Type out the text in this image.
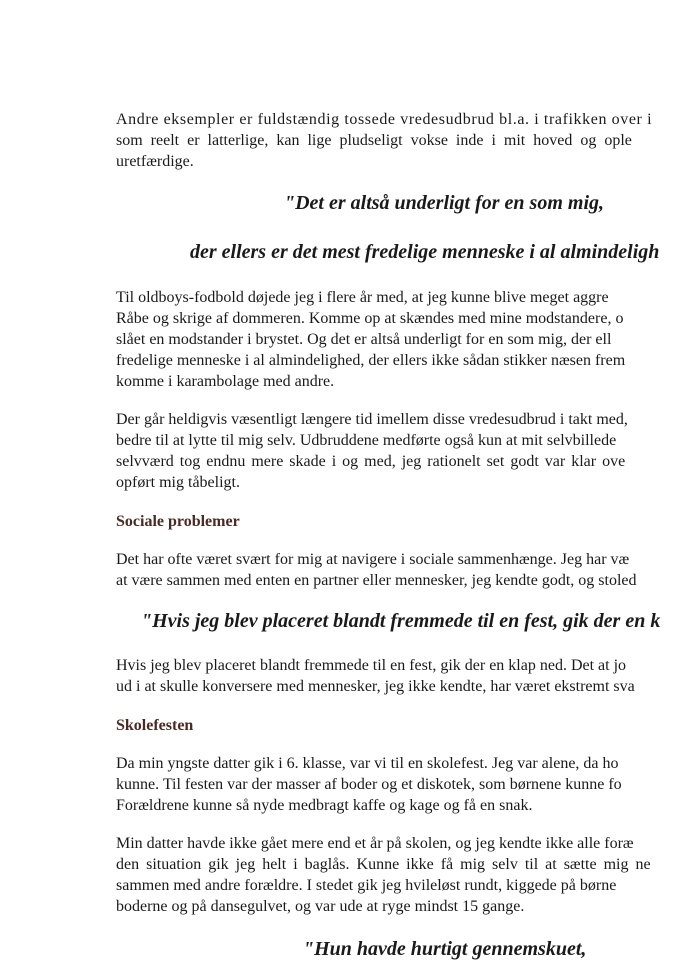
Andre eksempler er fuldstændig tossede vredesudbrud bl.a. i trafikken over i
som reelt er latterlige, kan lige pludseligt vokse inde i mit hoved og ople
uretfærdige.
"Det er altså underligt for en som mig,
der ellers er det mest fredelige menneske i al almindeligh
Til oldboys-fodbold døjede jeg i flere år med, at jeg kunne blive meget aggre
Råbe og skrige af dommeren. Komme op at skændes med mine modstandere, o
slået en modstander i brystet. Og det er altså underligt for en som mig, der ell
fredelige menneske i al almindelighed, der ellers ikke sådan stikker næsen frem
komme i karambolage med andre.
Der går heldigvis væsentligt længere tid imellem disse vredesudbrud i takt med,
bedre til at lytte til mig selv. Udbruddene medførte også kun at mit selvbillede
selvværd tog endnu mere skade i og med, jeg rationelt set godt var klar ove
opført mig tåbeligt.
Sociale problemer
Det har ofte været svært for mig at navigere i sociale sammenhænge. Jeg har væ
at være sammen med enten en partner eller mennesker, jeg kendte godt, og stoled
"Hvis jeg blev placeret blandt fremmede til en fest, gik der en k
Hvis jeg blev placeret blandt fremmede til en fest, gik der en klap ned. Det at jo
ud i at skulle konversere med mennesker, jeg ikke kendte, har været ekstremt sva
Skolefesten
Da min yngste datter gik i 6. klasse, var vi til en skolefest. Jeg var alene, da ho
kunne. Til festen var der masser af boder og et diskotek, som børnene kunne fo
Forældrene kunne så nyde medbragt kaffe og kage og få en snak.
Min datter havde ikke gået mere end et år på skolen, og jeg kendte ikke alle foræ
den situation gik jeg helt i baglås. Kunne ikke få mig selv til at sætte mig ne
sammen med andre forældre. I stedet gik jeg hvileløst rundt, kiggede på børne
boderne og på dansegulvet, og var ude at ryge mindst 15 gange.
"Hun havde hurtigt gennemskuet,
